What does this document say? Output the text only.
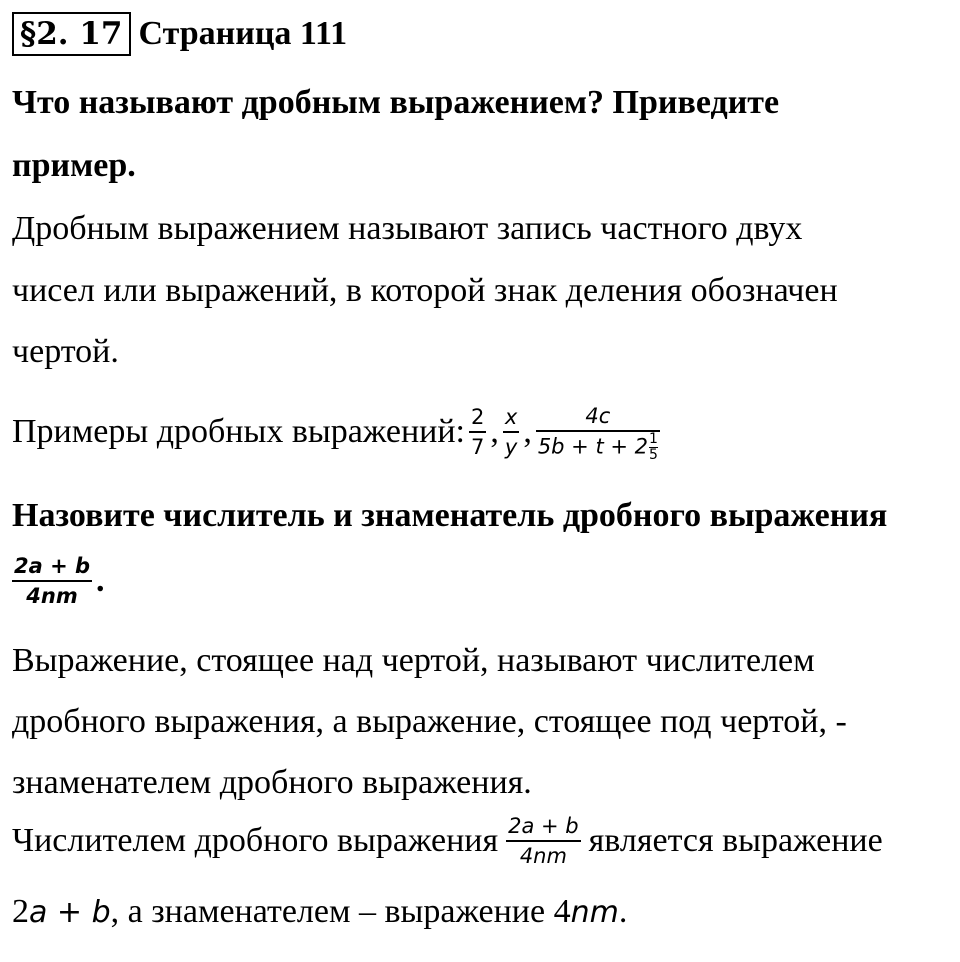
§2. 17 Страница 111
Что называют дробным выражением? Приведите
пример.
Дробным выражением называют запись частного двух
чисел или выражений, в которой знак деления обозначен
чертой.
Примеры дробных выражений: $\frac{2}{7}$ , $\frac{x}{y}$ , $\frac{4c}{5b + t + 2 \frac{1}{5}}$
Назовите числитель и знаменатель дробного выражения
$\frac{2a + b}{4nm}$ .
Выражение, стоящее над чертой, называют числителем
дробного выражения, а выражение, стоящее под чертой, -
знаменателем дробного выражения.
Числителем дробного выражения $\frac{2a + b}{4nm}$ является выражение
2a + b, а знаменателем – выражение 4nm.
